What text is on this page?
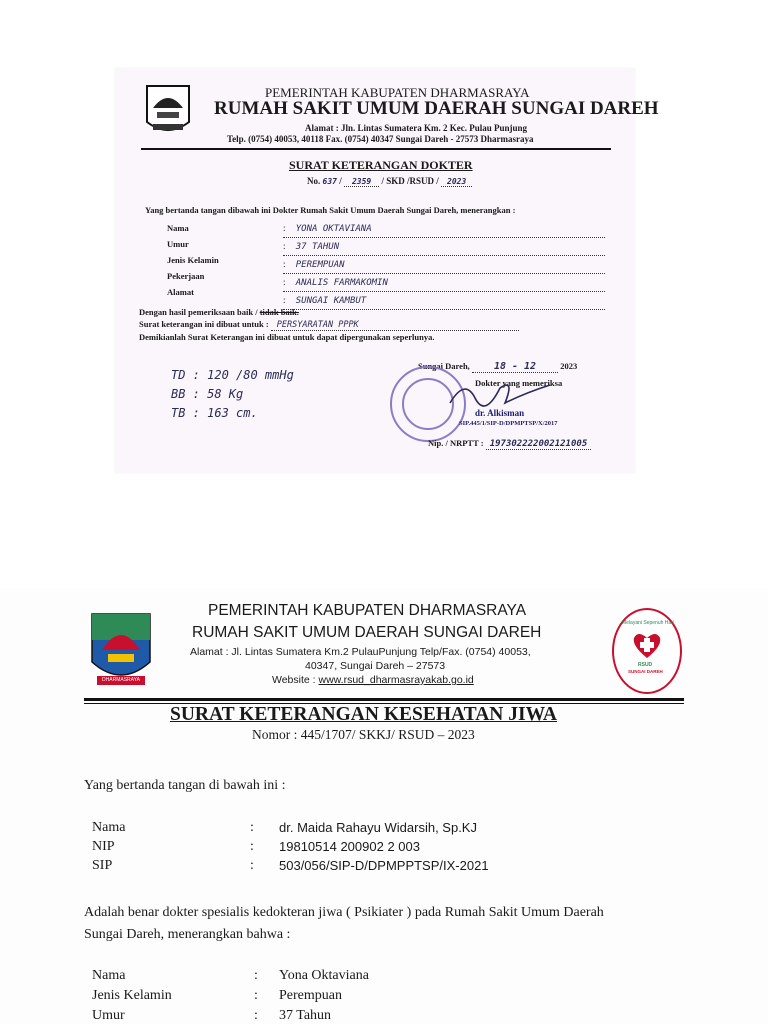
PEMERINTAH KABUPATEN DHARMASRAYA
RUMAH SAKIT UMUM DAERAH SUNGAI DAREH
Alamat : Jln. Lintas Sumatera Km. 2 Kec. Pulau Punjung
Telp. (0754) 40053, 40118 Fax. (0754) 40347 Sungai Dareh - 27573 Dharmasraya
SURAT KETERANGAN DOKTER
No. 637 / 2359 / SKD /RSUD / 2023
Yang bertanda tangan dibawah ini Dokter Rumah Sakit Umum Daerah Sungai Dareh, menerangkan :
Nama
Umur
Jenis Kelamin
Pekerjaan
Alamat
: YONA OKTAVIANA
: 37 TAHUN
: PEREMPUAN
: ANALIS FARMAKOMIN
: SUNGAI KAMBUT
Dengan hasil pemeriksaan baik / tidak baik.
Surat keterangan ini dibuat untuk : PERSYARATAN PPPK
Demikianlah Surat Keterangan ini dibuat untuk dapat dipergunakan seperlunya.
TD : 120 /80 mmHg
BB : 58 Kg
TB : 163 cm.
Sungai Dareh, 18 - 12	2023
Dokter yang memeriksa
dr. Alkisman
SIP.445/1/SIP-D/DPMPTSP/X/2017
Nip. / NRPTT : 197302222002121005
DHARMASRAYA
PEMERINTAH KABUPATEN DHARMASRAYA
RUMAH SAKIT UMUM DAERAH SUNGAI DAREH
Alamat : Jl. Lintas Sumatera Km.2 PulauPunjung Telp/Fax. (0754) 40053,
40347, Sungai Dareh – 27573
Website : www.rsud_dharmasrayakab.go.id
Melayani Sepenuh Hati
RSUD
SUNGAI DAREH
SURAT KETERANGAN KESEHATAN JIWA
Nomor : 445/1707/ SKKJ/ RSUD – 2023
Yang bertanda tangan di bawah ini :
Nama
NIP
SIP
:
:
:
dr. Maida Rahayu Widarsih, Sp.KJ
19810514 200902 2 003
503/056/SIP-D/DPMPPTSP/IX-2021
Adalah benar dokter spesialis kedokteran jiwa ( Psikiater ) pada Rumah Sakit Umum Daerah
Sungai Dareh, menerangkan bahwa :
Nama
Jenis Kelamin
Umur
:
:
:
Yona Oktaviana
Perempuan
37 Tahun
